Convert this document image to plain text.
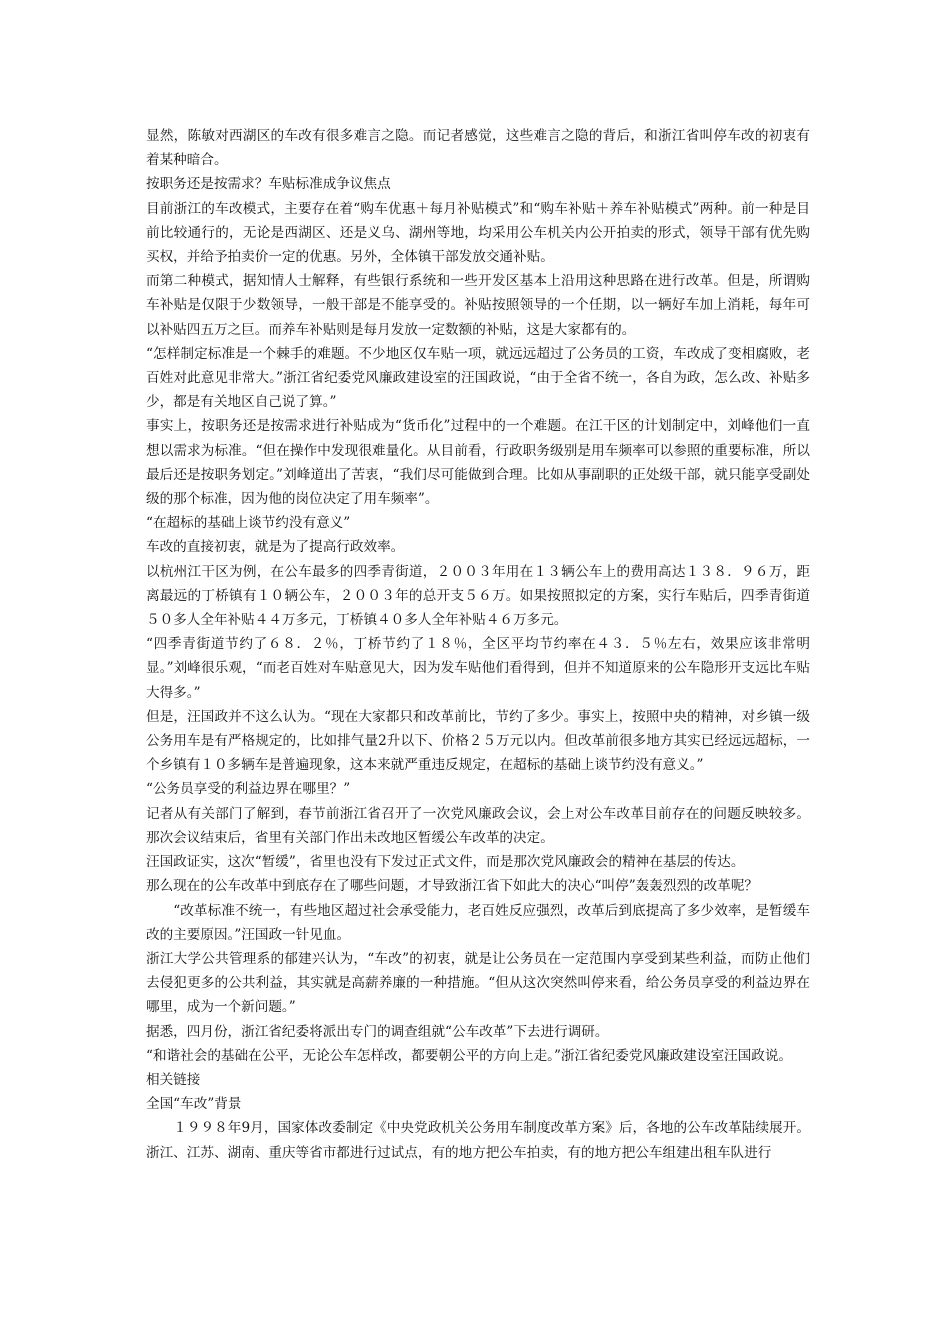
显然，陈敏对西湖区的车改有很多难言之隐。而记者感觉，这些难言之隐的背后，和浙江省叫停车改的初衷有着某种暗合。

按职务还是按需求？车贴标准成争议焦点

目前浙江的车改模式，主要存在着“购车优惠＋每月补贴模式”和“购车补贴＋养车补贴模式”两种。前一种是目前比较通行的，无论是西湖区、还是义乌、湖州等地，均采用公车机关内公开拍卖的形式，领导干部有优先购买权，并给予拍卖价一定的优惠。另外，全体镇干部发放交通补贴。

而第二种模式，据知情人士解释，有些银行系统和一些开发区基本上沿用这种思路在进行改革。但是，所谓购车补贴是仅限于少数领导，一般干部是不能享受的。补贴按照领导的一个任期，以一辆好车加上消耗，每年可以补贴四五万之巨。而养车补贴则是每月发放一定数额的补贴，这是大家都有的。

“怎样制定标准是一个棘手的难题。不少地区仅车贴一项，就远远超过了公务员的工资，车改成了变相腐败，老百姓对此意见非常大。”浙江省纪委党风廉政建设室的汪国政说，“由于全省不统一，各自为政，怎么改、补贴多少，都是有关地区自己说了算。”

事实上，按职务还是按需求进行补贴成为“货币化”过程中的一个难题。在江干区的计划制定中，刘峰他们一直想以需求为标准。“但在操作中发现很难量化。从目前看，行政职务级别是用车频率可以参照的重要标准，所以最后还是按职务划定。”刘峰道出了苦衷，“我们尽可能做到合理。比如从事副职的正处级干部，就只能享受副处级的那个标准，因为他的岗位决定了用车频率”。

“在超标的基础上谈节约没有意义”

车改的直接初衷，就是为了提高行政效率。

以杭州江干区为例，在公车最多的四季青街道，２００３年用在１３辆公车上的费用高达１３８．９６万，距离最远的丁桥镇有１０辆公车，２００３年的总开支５６万。如果按照拟定的方案，实行车贴后，四季青街道５０多人全年补贴４４万多元，丁桥镇４０多人全年补贴４６万多元。

“四季青街道节约了６８．２％，丁桥节约了１８％，全区平均节约率在４３．５％左右，效果应该非常明显。”刘峰很乐观，“而老百姓对车贴意见大，因为发车贴他们看得到，但并不知道原来的公车隐形开支远比车贴大得多。”

但是，汪国政并不这么认为。“现在大家都只和改革前比，节约了多少。事实上，按照中央的精神，对乡镇一级公务用车是有严格规定的，比如排气量2升以下、价格２５万元以内。但改革前很多地方其实已经远远超标，一个乡镇有１０多辆车是普遍现象，这本来就严重违反规定，在超标的基础上谈节约没有意义。”

“公务员享受的利益边界在哪里？”

记者从有关部门了解到，春节前浙江省召开了一次党风廉政会议，会上对公车改革目前存在的问题反映较多。那次会议结束后，省里有关部门作出未改地区暂缓公车改革的决定。

汪国政证实，这次“暂缓”，省里也没有下发过正式文件，而是那次党风廉政会的精神在基层的传达。

那么现在的公车改革中到底存在了哪些问题，才导致浙江省下如此大的决心“叫停”轰轰烈烈的改革呢？

“改革标准不统一，有些地区超过社会承受能力，老百姓反应强烈，改革后到底提高了多少效率，是暂缓车改的主要原因。”汪国政一针见血。

浙江大学公共管理系的郁建兴认为，“车改”的初衷，就是让公务员在一定范围内享受到某些利益，而防止他们去侵犯更多的公共利益，其实就是高薪养廉的一种措施。“但从这次突然叫停来看，给公务员享受的利益边界在哪里，成为一个新问题。”

据悉，四月份，浙江省纪委将派出专门的调查组就“公车改革”下去进行调研。

“和谐社会的基础在公平，无论公车怎样改，都要朝公平的方向上走。”浙江省纪委党风廉政建设室汪国政说。

相关链接

全国“车改”背景

１９９８年9月，国家体改委制定《中央党政机关公务用车制度改革方案》后，各地的公车改革陆续展开。浙江、江苏、湖南、重庆等省市都进行过试点，有的地方把公车拍卖，有的地方把公车组建出租车队进行
